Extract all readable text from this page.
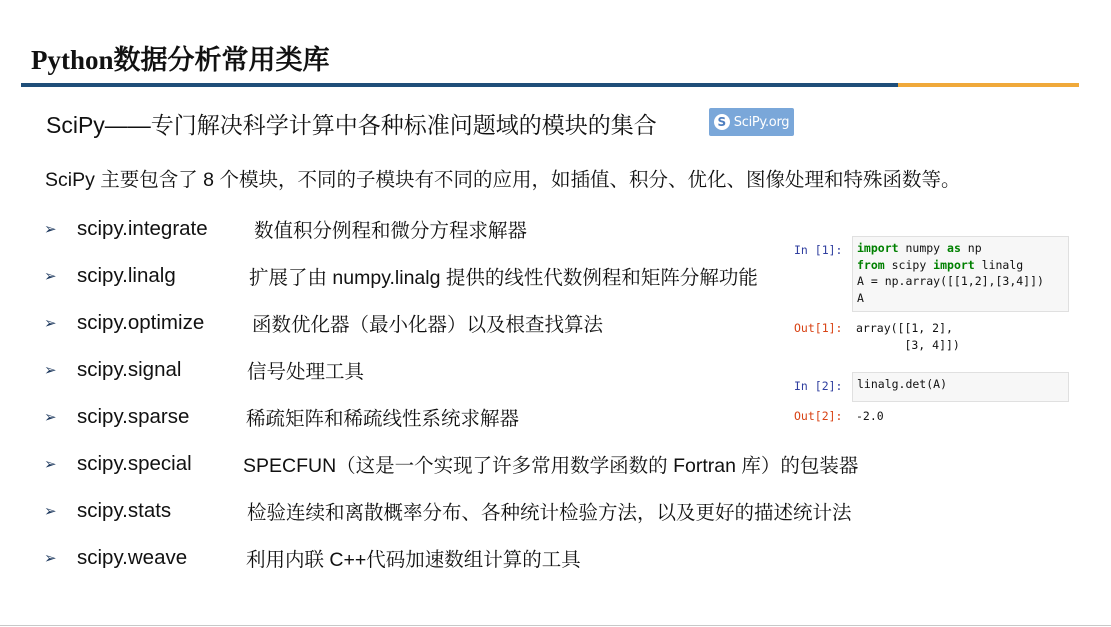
Python数据分析常用类库
SciPy——专门解决科学计算中各种标准问题域的模块的集合	S SciPy.org
SciPy 主要包含了 8 个模块，不同的子模块有不同的应用，如插值、积分、优化、图像处理和特殊函数等。
➢ scipy.integrate	数值积分例程和微分方程求解器
➢ scipy.linalg	扩展了由 numpy.linalg 提供的线性代数例程和矩阵分解功能
➢ scipy.optimize	函数优化器（最小化器）以及根查找算法
➢ scipy.signal	信号处理工具
➢ scipy.sparse	稀疏矩阵和稀疏线性系统求解器
➢ scipy.special	SPECFUN（这是一个实现了许多常用数学函数的 Fortran 库）的包装器
➢ scipy.stats	检验连续和离散概率分布、各种统计检验方法，以及更好的描述统计法
➢ scipy.weave	利用内联 C++代码加速数组计算的工具
In [1]:	import numpy as np
from scipy import linalg
A = np.array([[1,2],[3,4]])
A
Out[1]:	array([[1, 2],
[3, 4]])
In [2]:	linalg.det(A)
Out[2]:	-2.0
